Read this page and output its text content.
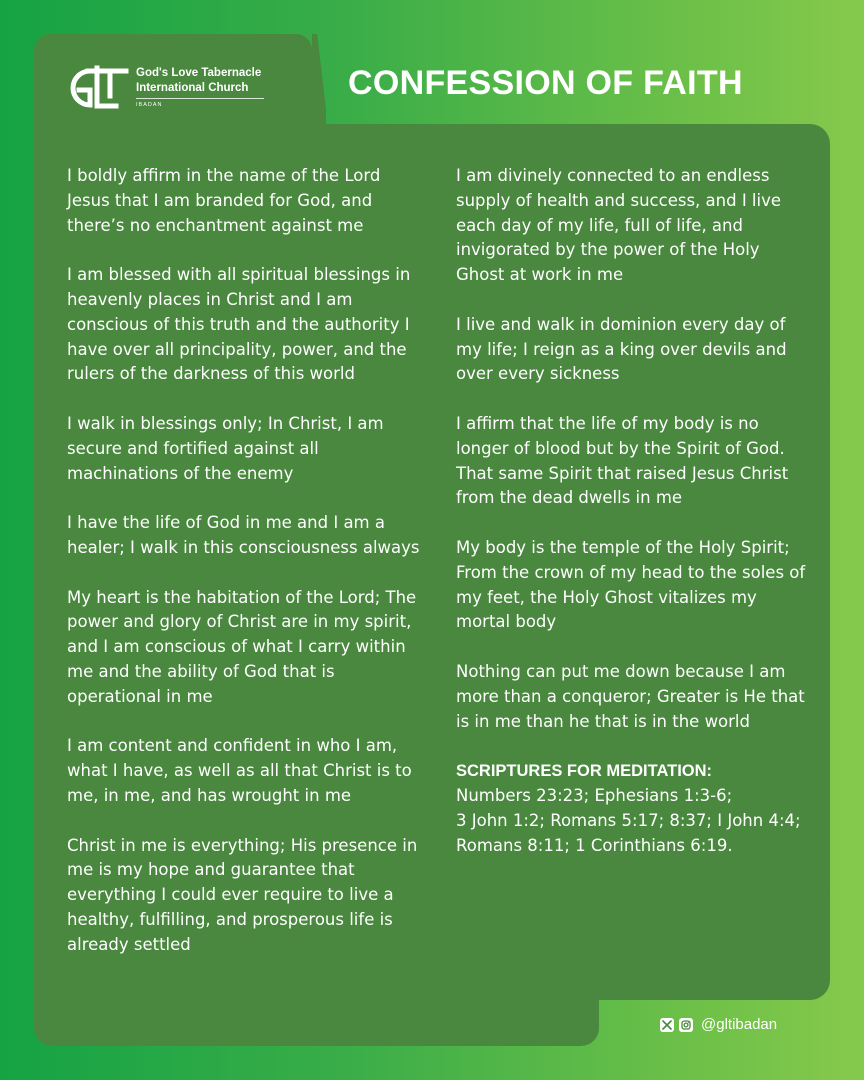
God's Love Tabernacle
International Church
IBADAN
CONFESSION OF FAITH

I boldly affirm in the name of the Lord Jesus that I am branded for God, and there’s no enchantment against me

I am blessed with all spiritual blessings in heavenly places in Christ and I am conscious of this truth and the authority I have over all principality, power, and the rulers of the darkness of this world

I walk in blessings only; In Christ, I am secure and fortified against all machinations of the enemy

I have the life of God in me and I am a healer; I walk in this consciousness always

My heart is the habitation of the Lord; The power and glory of Christ are in my spirit, and I am conscious of what I carry within me and the ability of God that is operational in me

I am content and confident in who I am, what I have, as well as all that Christ is to me, in me, and has wrought in me

Christ in me is everything; His presence in me is my hope and guarantee that everything I could ever require to live a healthy, fulfilling, and prosperous life is already settled

I am divinely connected to an endless supply of health and success, and I live each day of my life, full of life, and invigorated by the power of the Holy Ghost at work in me

I live and walk in dominion every day of my life; I reign as a king over devils and over every sickness

I affirm that the life of my body is no longer of blood but by the Spirit of God. That same Spirit that raised Jesus Christ from the dead dwells in me

My body is the temple of the Holy Spirit; From the crown of my head to the soles of my feet, the Holy Ghost vitalizes my mortal body

Nothing can put me down because I am more than a conqueror; Greater is He that is in me than he that is in the world

SCRIPTURES FOR MEDITATION:
Numbers 23:23; Ephesians 1:3-6;
3 John 1:2; Romans 5:17; 8:37; I John 4:4;
Romans 8:11; 1 Corinthians 6:19.
@gltibadan
